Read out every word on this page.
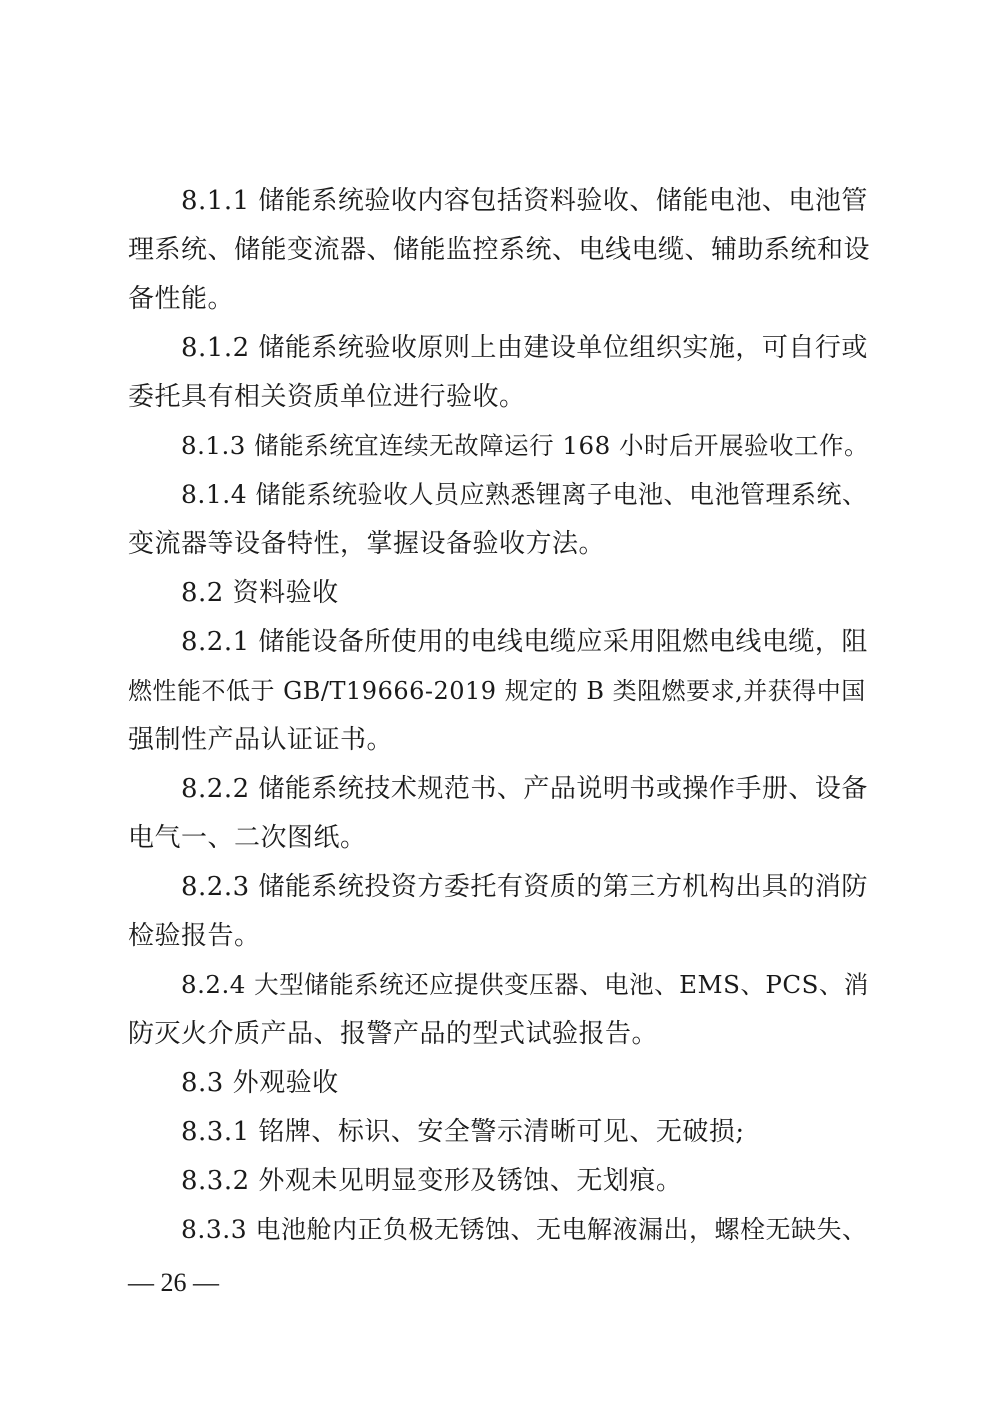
8.1.1 储能系统验收内容包括资料验收、储能电池、电池管
理系统、储能变流器、储能监控系统、电线电缆、辅助系统和设
备性能。
8.1.2 储能系统验收原则上由建设单位组织实施，可自行或
委托具有相关资质单位进行验收。
8.1.3 储能系统宜连续无故障运行 168 小时后开展验收工作。
8.1.4 储能系统验收人员应熟悉锂离子电池、电池管理系统、
变流器等设备特性，掌握设备验收方法。
8.2 资料验收
8.2.1 储能设备所使用的电线电缆应采用阻燃电线电缆，阻
燃性能不低于 GB/T19666-2019 规定的 B 类阻燃要求,并获得中国
强制性产品认证证书。
8.2.2 储能系统技术规范书、产品说明书或操作手册、设备
电气一、二次图纸。
8.2.3 储能系统投资方委托有资质的第三方机构出具的消防
检验报告。
8.2.4 大型储能系统还应提供变压器、电池、EMS、PCS、消
防灭火介质产品、报警产品的型式试验报告。
8.3 外观验收
8.3.1 铭牌、标识、安全警示清晰可见、无破损;
8.3.2 外观未见明显变形及锈蚀、无划痕。
8.3.3 电池舱内正负极无锈蚀、无电解液漏出，螺栓无缺失、
— 26 —
